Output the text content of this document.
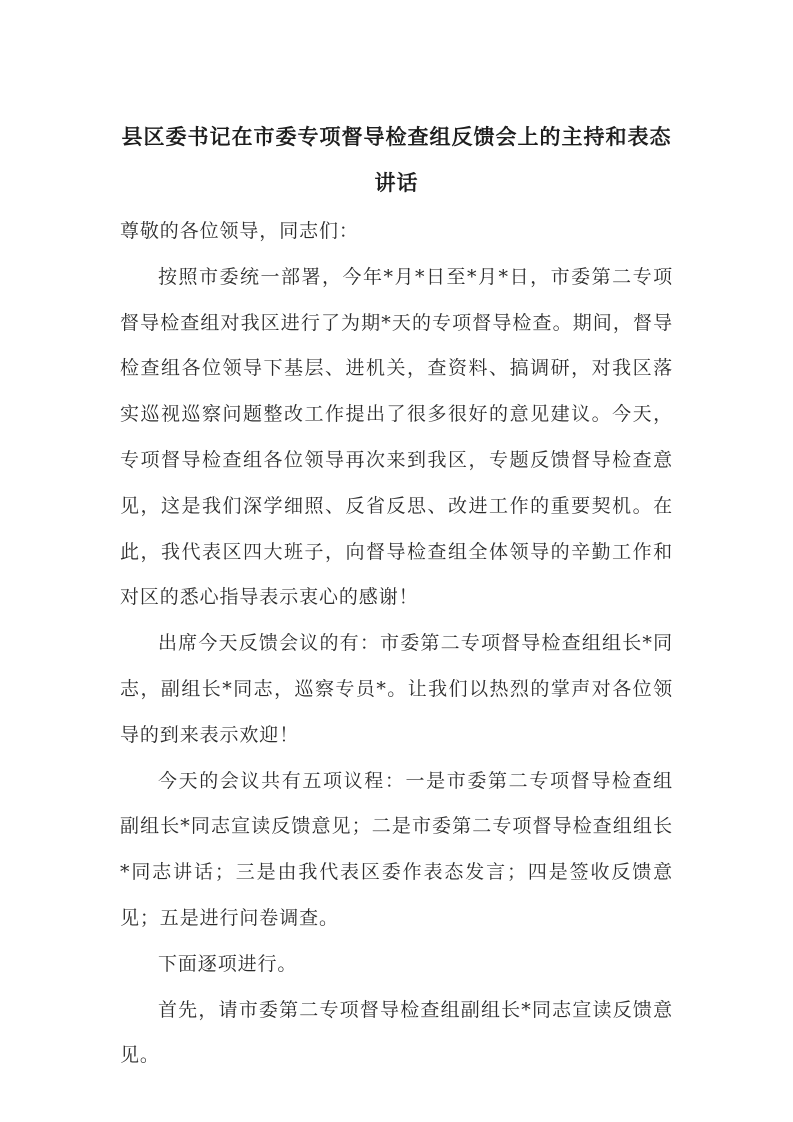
县区委书记在市委专项督导检查组反馈会上的主持和表态
讲话

尊敬的各位领导，同志们：

按照市委统一部署，今年*月*日至*月*日，市委第二专项督导检查组对我区进行了为期*天的专项督导检查。期间，督导检查组各位领导下基层、进机关，查资料、搞调研，对我区落实巡视巡察问题整改工作提出了很多很好的意见建议。今天，专项督导检查组各位领导再次来到我区，专题反馈督导检查意见，这是我们深学细照、反省反思、改进工作的重要契机。在此，我代表区四大班子，向督导检查组全体领导的辛勤工作和对区的悉心指导表示衷心的感谢！

出席今天反馈会议的有：市委第二专项督导检查组组长*同志，副组长*同志，巡察专员*。让我们以热烈的掌声对各位领导的到来表示欢迎！

今天的会议共有五项议程：一是市委第二专项督导检查组副组长*同志宣读反馈意见；二是市委第二专项督导检查组组长*同志讲话；三是由我代表区委作表态发言；四是签收反馈意见；五是进行问卷调查。

下面逐项进行。

首先，请市委第二专项督导检查组副组长*同志宣读反馈意见。
